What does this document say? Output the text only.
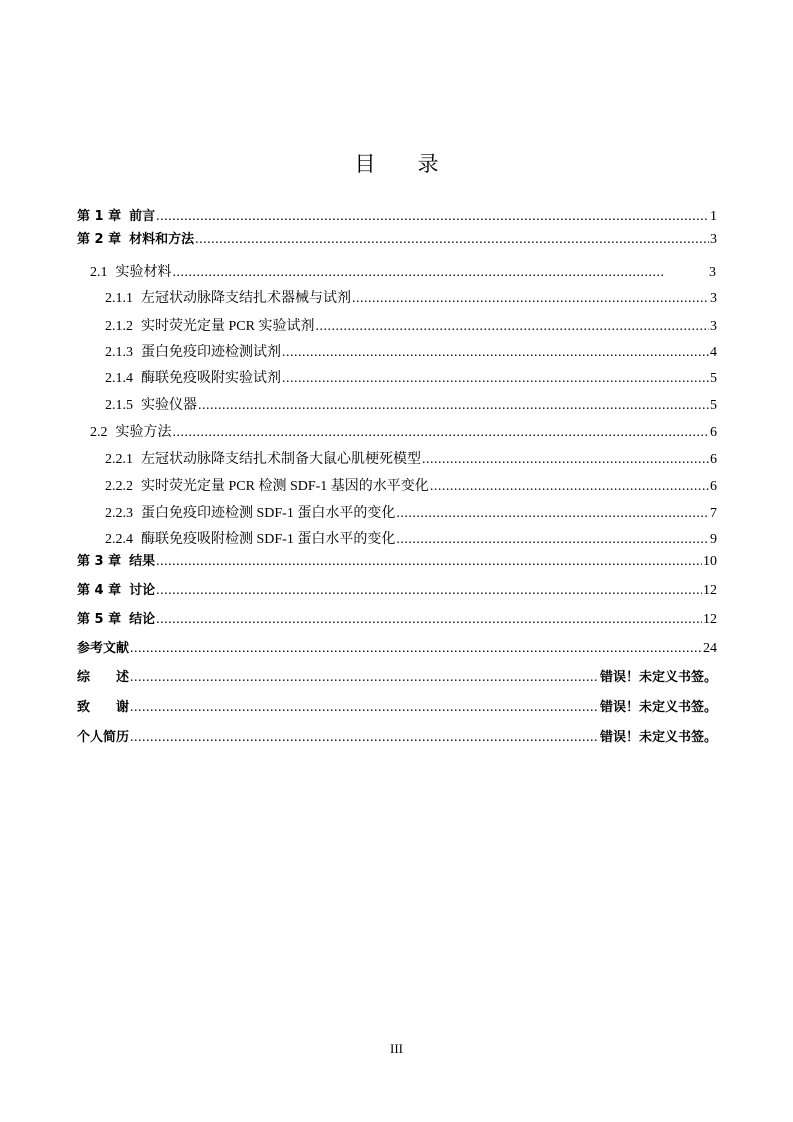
目　　录
第 1 章 前言 .....	1
第 2 章 材料和方法 .....	3
2.1 实验材料 .....	3
2.1.1 左冠状动脉降支结扎术器械与试剂 .....	3
2.1.2 实时荧光定量 PCR 实验试剂 .....	3
2.1.3 蛋白免疫印迹检测试剂 .....	4
2.1.4 酶联免疫吸附实验试剂 .....	5
2.1.5 实验仪器 .....	5
2.2 实验方法 .....	6
2.2.1 左冠状动脉降支结扎术制备大鼠心肌梗死模型 .....	6
2.2.2 实时荧光定量 PCR 检测 SDF-1 基因的水平变化 .....	6
2.2.3 蛋白免疫印迹检测 SDF-1 蛋白水平的变化 .....	7
2.2.4 酶联免疫吸附检测 SDF-1 蛋白水平的变化 .....	9
第 3 章 结果 .....	10
第 4 章 讨论 .....	12
第 5 章 结论 .....	12
参考文献 .....	24
综　　述 .....	错误！未定义书签。
致　　谢 .....	错误！未定义书签。
个人简历 .....	错误！未定义书签。
III
